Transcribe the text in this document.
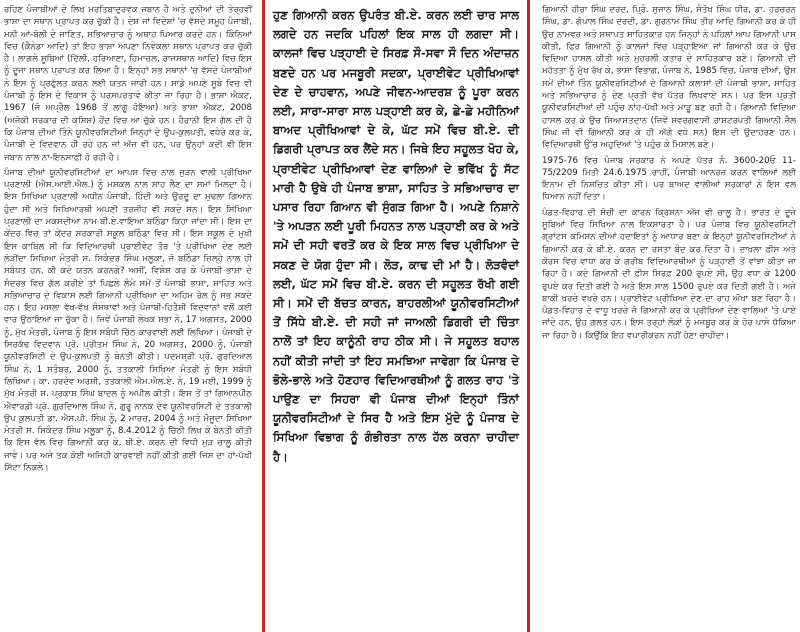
ਰਹਿਣ ਪੰਜਾਬੀਆਂ ਦੇ ਲਿਖ ਮਰਤਿਬਾਦੁਰਵਕ ਜਬਾਨ ਹੈ ਅਤੇ ਦੁਨੀਆਂ ਦੀ ਤੇਰ੍ਹਵੀਂ ਭਾਸ਼ਾ ਦਾ ਸਥਾਨ ਪ੍ਰਾਪਤ ਕਰ ਚੁੱਕੀ ਹੈ। ਦੇਸ਼ ਜਾਂ ਵਿਦੇਸ਼ਾਂ 'ਚ ਵੱਸਦੇ ਸਮੂਹ ਪੰਜਾਬੀ, ਮਨੀ ਆਂ-ਬੋਲੀ ਦੇ ਜਾਣਿਤ, ਸਭਿਆਚਾਰ ਨੂੰ ਅਥਾਹ ਪਿਆਰ ਕਰਦੇ ਹਨ। ਕਿੰਨਿਆਂ ਵਿਚ (ਕੈਨੇਡਾ ਆਦਿ) ਤਾਂ ਇਹ ਭਾਸ਼ਾ ਅਪਣਾ ਨਿਵੇਕਲਾ ਸਥਾਨ ਪ੍ਰਾਪਤ ਕਰ ਚੁੱਕੀ ਹੈ। ਲਾਗਲੇ ਸੂਬਿਆਂ (ਦਿੱਲੀ, ਹਰਿਆਣਾ, ਹਿਮਾਚਲ, ਰਾਜਸਥਾਨ ਆਦਿ) ਵਿਚ ਇਸ ਨੂੰ ਦੂਜਾ ਸਥਾਨ ਪ੍ਰਾਪਤ ਕਰ ਲਿਆ ਹੈ। ਇਨ੍ਹਾਂ ਸਭ ਸਥਾਨਾਂ 'ਚ ਵੱਸਦੇ ਪੰਜਾਬੀਆਂ ਨੇ ਇਸ ਨੂੰ ਪ੍ਰਫੁੱਲਤ ਕਰਨ ਲਈ ਯਤਨ ਜਾਰੀ ਹਨ। ਸਾਡੇ ਅਪਣੇ ਸੂਬੇ ਵਿਚ ਵੀ ਪੰਜਾਬੀ ਨੂੰ ਇਸ ਦੇ ਵਿਕਾਸ ਨੂੰ ਪਰਸਪਰਤਾਵੇ ਕੀਤਾ ਜਾ ਰਿਹਾ ਹੈ। ਭਾਸ਼ਾ ਐਕਟ, 1967 (ਜੋ ਅਪ੍ਰੈਲ 1968 ਤੋਂ ਲਾਗੂ ਹੋਇਆ) ਅਤੇ ਭਾਸ਼ਾ ਐਕਟ, 2008 (ਅਜੋਕੀ ਸਰਕਾਰ ਦੀ ਕਸ਼ਿਸ਼) ਹੋਂਦ ਵਿਚ ਆ ਚੁੱਕੇ ਹਨ। ਹੈਰਾਨੀ ਇਸ ਗੱਲ ਦੀ ਹੈ ਕਿ ਪੰਜਾਬ ਦੀਆਂ ਤਿੰਨੇ ਯੂਨੀਵਰਸਿਟੀਆਂ ਜਿਨ੍ਹਾਂ ਦੇ ਉਪ-ਕੁਲਪਤੀ, ਵਧੇਰੇ ਕਰ ਕੇ, ਪੰਜਾਬੀ ਦੇ ਵਿਦਵਾਨ ਹੀ ਰਹੇ ਹਨ ਜਾਂ ਅੱਜ ਵੀ ਹਨ, ਪਰ ਉਨ੍ਹਾਂ ਕਦੀ ਵੀ ਇਸ ਜਬਾਨ ਨਾਲ ਨਾ-ਇਨਸਾਫ਼ੀ ਹੋ ਰਹੀ ਹੈ।

ਪੰਜਾਬ ਦੀਆਂ ਯੂਨੀਵਰਸਿਟੀਆਂ ਦਾ ਆਪਸ ਵਿਚ ਨਾਲ ਜੁੜਨ ਵਾਲੀ ਪ੍ਰੀਖਿਆ ਪ੍ਰਣਾਲੀ (ਐਸ.ਆਈ.ਐਲ.) ਨੂੰ ਮਸ਼ਕਲ ਨਾਲ ਸਾਹ ਲੈਣ ਦਾ ਸਮਾਂ ਮਿਲਦਾ ਹੈ। ਇਸ ਸਿਖਿਆ ਪ੍ਰਣਾਲੀ ਅਧੀਨ ਪੰਜਾਬੀ, ਹਿੰਦੀ ਅਤੇ ਉਰਦੂ ਦਾ ਮੁਢਲਾ ਗਿਆਨ ਹੁੰਦਾ ਸੀ ਅਤੇ ਸਿਖਿਆਰਥੀ ਅਪਣੀ ਤਰਜੀਹ ਵੀ ਸਕਦੇ ਸਨ। ਇਸ ਸਿਖਿਆ ਪ੍ਰਣਾਲੀ ਦਾ ਮਕਸਦੀਆ ਨਾਮ ਬੀ.ਏ.ਵਾਇਆ ਬਠਿੰਡਾ ਕਿਹਾ ਜਾਂਦਾ ਸੀ। ਇਸ ਦਾ ਕੇਂਦਰ ਵਿਚ ਤਾਂ ਕੇਂਦਰ ਸਰਕਾਰੀ ਸਕੂਲ ਬਠਿੰਡਾ ਵਿਚ ਸੀ। ਇਸ ਸਕੂਲ ਦੇ ਮੁਖੀ ਇਸ ਕਾਬਿਲ ਸੀ ਕਿ ਵਿਦਿਆਰਥੀ ਪ੍ਰਾਈਵੇਟ ਤੌਰ 'ਤੇ ਪ੍ਰੀਖਿਆ ਦੇਣ ਲਈ ਲੋੜੀਂਦਾ ਸਿਖਿਆ ਮੰਤਰੀ ਸ. ਸਿਕੰਦਰ ਸਿੰਘ ਮਲੂਕਾ, ਜੋ ਬਠਿੰਡਾ ਜ਼ਿਲ੍ਹੇ ਨਾਲ ਹੀ ਸਬੰਧਤ ਹਨ, ਕੀ ਕਦੇ ਯਤਨ ਕਰਨਗੇ? ਅਸੀਂ, ਵਿਸ਼ੇਸ਼ ਕਰ ਕੇ ਪੰਜਾਬੀ ਭਾਸ਼ਾ ਦੇ ਸੰਦਰਭ ਵਿਚ ਗੱਲ ਕਰੀਏ ਤਾਂ ਪਿਛਲੇ ਲੰਮੇ ਸਮੇਂ ਤੋਂ ਪੰਜਾਬੀ ਭਾਸ਼ਾ, ਸਾਹਿਤ ਅਤੇ ਸਭਿਆਚਾਰ ਦੇ ਵਿਕਾਸ ਲਈ ਗਿਆਨੀ ਪ੍ਰੀਖਿਆ ਦਾ ਅਹਿਮ ਰੋਲ ਨੂੰ ਸਭ ਸਕਦੇ ਹਨ। ਇਹ ਮਸਲਾ ਵੱਖ-ਵੱਖ ਸੰਸਥਾਵਾਂ ਅਤੇ ਪੰਜਾਬੀ-ਹਿਤੈਸ਼ੀ ਵਿਦਵਾਨਾਂ ਵਲੋਂ ਕਈ ਵਾਰ ਉਠਾਇਆ ਜਾ ਚੁੱਕਾ ਹੈ। ਜਿਵੇਂ ਪੰਜਾਬੀ ਲੇਖਕ ਸਭਾ ਨੇ, 17 ਅਗਸਤ, 2000 ਨੂੰ, ਮੁੱਖ ਮੰਤਰੀ, ਪੰਜਾਬ ਨੂੰ ਇਸ ਸਬੰਧੀ ਚਿੱਠ ਕਾਰਵਾਈ ਲਈ ਲਿਖਿਆ। ਪੰਜਾਬੀ ਦੇ ਸਿਰਕੱਢ ਵਿਦਵਾਨ ਪ੍ਰੋ. ਪ੍ਰੀਤਮ ਸਿੰਘ ਨੇ, 20 ਅਗਸਤ, 2000 ਨੂੰ, ਪੰਜਾਬੀ ਯੂਨੀਵਰਸਿਟੀ ਦੇ ਉਪ-ਕੁਲਪਤੀ ਨੂੰ ਬੇਨਤੀ ਕੀਤੀ। ਪਦਮਸ਼੍ਰੀ ਪ੍ਰੋ. ਗੁਰਦਿਆਲ ਸਿੰਘ ਨੇ, 1 ਸਤੰਬਰ, 2000 ਨੂੰ, ਤਤਕਾਲੀ ਸਿਖਿਆ ਮੰਤਰੀ ਨੂੰ ਇਸ ਸਬੰਧੀ ਲਿਖਿਆ। ਕਾ. ਹਰਦੇਵ ਅਰਸ਼ੀ, ਤਤਕਾਲੀ ਐਮ.ਐਲ.ਏ. ਨੇ, 19 ਮਈ, 1999 ਨੂੰ ਮੁੱਖ ਮੰਤਰੀ ਸ. ਪ੍ਰਕਾਸ਼ ਸਿੰਘ ਬਾਦਲ ਨੂੰ ਅਪੀਲ ਕੀਤੀ। ਇਸ ਤੋਂ ਤਾਂ ਗਿਆਨਪੀਠ ਐਵਾਰਡੀ ਪ੍ਰੋ. ਗੁਰਦਿਆਲ ਸਿੰਘ ਨੇ, ਗੁਰੂ ਨਾਨਕ ਦੇਵ ਯੂਨੀਵਰਸਿਟੀ ਦੇ ਤਤਕਾਲੀ ਉਪ ਕੁਲਪਤੀ ਡਾ. ਐਸ.ਪੀ. ਸਿੰਘ ਨੂੰ, 2 ਮਾਰਚ, 2004 ਨੂੰ ਅਤੇ ਮੌਜੂਦਾ ਸਿਖਿਆ ਮੰਤਰੀ ਸ. ਸਿਕੰਦਰ ਸਿੰਘ ਮਲੂਕਾ ਨੂੰ, 8.4.2012 ਨੂੰ ਚਿੱਠੀ ਲਿਖ ਕੇ ਬੇਨਤੀ ਕੀਤੀ ਕਿ ਇਸ ਵੱਲ ਵਿਚ ਗਿਆਨੀ ਕਰ ਕੇ, ਬੀ.ਏ. ਕਰਨ ਦੀ ਵਿਧੀ ਮੁੜ ਚਾਲੂ ਕੀਤੀ ਜਾਵੇ। ਪਰ ਅਜੇ ਤਕ ਕੋਈ ਅਜਿਹੀ ਕਾਰਵਾਈ ਨਹੀਂ ਕੀਤੀ ਗਈ ਜਿਸ ਦਾ ਹਾਂ-ਪੱਖੀ ਸਿੱਟਾ ਨਿਕਲੇ।

ਹੁਣ ਗਿਆਨੀ ਕਰਨ ਉਪਰੰਤ ਬੀ.ਏ. ਕਰਨ ਲਈ ਚਾਰ ਸਾਲ ਲਗਦੇ ਹਨ ਜਦਕਿ ਪਹਿਲਾਂ ਇਕ ਸਾਲ ਹੀ ਲਗਦਾ ਸੀ। ਕਾਲਜਾਂ ਵਿਚ ਪੜ੍ਹਾਈ ਦੇ ਸਿਰਫ਼ ਸੌ-ਸਵਾ ਸੌ ਦਿਨ ਅੰਦਾਜ਼ਨ ਬਣਦੇ ਹਨ ਪਰ ਮਜਬੂਰੀ ਸਦਕਾ, ਪ੍ਰਾਈਵੇਟ ਪ੍ਰੀਖਿਆਵਾਂ ਦੇਣ ਦੇ ਚਾਹਵਾਨ, ਅਪਣੇ ਜੀਵਨ-ਆਦਰਸ਼ ਨੂੰ ਪੂਰਾ ਕਰਨ ਲਈ, ਸਾਰਾ-ਸਾਰਾ ਸਾਲ ਪੜ੍ਹਾਈ ਕਰ ਕੇ, ਛੇ-ਛੇ ਮਹੀਨਿਆਂ ਬਾਅਦ ਪ੍ਰੀਖਿਆਵਾਂ ਦੇ ਕੇ, ਘੱਟ ਸਮੇਂ ਵਿਚ ਬੀ.ਏ. ਦੀ ਡਿਗਰੀ ਪ੍ਰਾਪਤ ਕਰ ਲੈਂਦੇ ਸਨ। ਜਿਥੇ ਇਹ ਸਹੂਲਤ ਖੋਹ ਕੇ, ਪ੍ਰਾਈਵੇਟ ਪ੍ਰੀਖਿਆਵਾਂ ਦੇਣ ਵਾਲਿਆਂ ਦੇ ਭਵਿੱਖ ਨੂੰ ਸੱਟ ਮਾਰੀ ਹੈ ਉਥੇ ਹੀ ਪੰਜਾਬ ਭਾਸ਼ਾ, ਸਾਹਿਤ ਤੇ ਸਭਿਆਚਾਰ ਦਾ ਪਸਾਰ ਰਿਹਾ ਗਿਆਨ ਵੀ ਸੁੰਗੜ ਗਿਆ ਹੈ। ਅਪਣੇ ਨਿਸ਼ਾਨੇ 'ਤੇ ਅਪੜਨ ਲਈ ਪੂਰੀ ਮਿਹਨਤ ਨਾਲ ਪੜ੍ਹਾਈ ਕਰ ਕੇ ਅਤੇ ਸਮੇਂ ਦੀ ਸਹੀ ਵਰਤੋਂ ਕਰ ਕੇ ਇਕ ਸਾਲ ਵਿਚ ਪ੍ਰੀਖਿਆ ਦੇ ਸਕਣ ਦੇ ਯੋਗ ਹੁੰਦਾ ਸੀ। ਲੋੜ, ਕਾਢ ਦੀ ਮਾਂ ਹੈ। ਲੋੜਵੰਦਾਂ ਲਈ, ਘੱਟ ਸਮੇਂ ਵਿਚ ਬੀ.ਏ. ਕਰਨ ਦੀ ਸਹੂਲਤ ਰੱਖੀ ਗਈ ਸੀ। ਸਮੇਂ ਦੀ ਬੱਚਤ ਕਾਰਨ, ਬਾਹਰਲੀਆਂ ਯੂਨੀਵਰਸਿਟੀਆਂ ਤੋਂ ਸਿੱਧੇ ਬੀ.ਏ. ਦੀ ਸਹੀ ਜਾਂ ਜਾਅਲੀ ਡਿਗਰੀ ਦੀ ਚਿੰਤਾ ਨਾਲੋਂ ਤਾਂ ਇਹ ਕਾਨੂੰਨੀ ਰਾਹ ਠੀਕ ਸੀ। ਜੇ ਸਹੂਲਤ ਬਹਾਲ ਨਹੀਂ ਕੀਤੀ ਜਾਂਦੀ ਤਾਂ ਇਹ ਸਮਝਿਆ ਜਾਵੇਗਾ ਕਿ ਪੰਜਾਬ ਦੇ ਭੋਲੇ-ਭਾਲੇ ਅਤੇ ਹੋਣਹਾਰ ਵਿਦਿਆਰਥੀਆਂ ਨੂੰ ਗਲਤ ਰਾਹ 'ਤੇ ਪਾਉਣ ਦਾ ਸਿਹਰਾ ਵੀ ਪੰਜਾਬ ਦੀਆਂ ਇਨ੍ਹਾਂ ਤਿੰਨਾਂ ਯੂਨੀਵਰਸਿਟੀਆਂ ਦੇ ਸਿਰ ਹੈ ਅਤੇ ਇਸ ਮੁੱਦੇ ਨੂੰ ਪੰਜਾਬ ਦੇ ਸਿਖਿਆ ਵਿਭਾਗ ਨੂੰ ਗੰਭੀਰਤਾ ਨਾਲ ਹੱਲ ਕਰਨਾ ਚਾਹੀਦਾ ਹੈ।

ਗਿਆਨੀ ਹੀਰਾ ਸਿੰਘ ਦਰਦ, ਪ੍ਰਿੰ. ਸੁਜਾਨ ਸਿੰਘ, ਸੰਤੋਖ ਸਿੰਘ ਧੀਰ, ਡਾ. ਹਰਚਰਨ ਸਿੰਘ, ਡਾ. ਗੋਪਾਲ ਸਿੰਘ ਦਰਦੀ, ਡਾ. ਗੁਰਨਾਮ ਸਿੰਘ ਤੀਰ ਆਦਿ ਗਿਆਨੀ ਕਰ ਕੇ ਹੀ ਉਚ ਨਾਮਵਰ ਅਤੇ ਸਥਾਪਤ ਸਾਹਿਤਕਾਰ ਹਨ ਜਿਨ੍ਹਾਂ ਨੇ ਪਹਿਲਾਂ ਆਪ ਗਿਆਨੀ ਪਾਸ ਕੀਤੀ, ਫਿਰ ਗਿਆਨੀ ਨੂੰ ਕਾਲਜਾਂ ਵਿਚ ਪੜ੍ਹਾਇਆ ਜਾਂ ਗਿਆਨੀ ਕਰ ਕੇ ਉਚ ਵਿਦਿਆ ਹਾਸਲ ਕੀਤੀ ਅਤੇ ਮੁਹਰਲੀ ਕਤਾਰ ਦੇ ਸਾਹਿਤਕਾਰ ਬਣੇ। ਗਿਆਨੀ ਦੀ ਮਹੱਤਤਾ ਨੂੰ ਮੁੱਖ ਰੱਖ ਕੇ, ਭਾਸ਼ਾ ਵਿਭਾਗ, ਪੰਜਾਬ ਨੇ, 1985 ਵਿਚ, ਪੰਜਾਬ ਦੀਆਂ, ਉਸ ਸਮੇਂ ਦੀਆਂ ਤਿੰਨ ਯੂਨੀਵਰਸਿਟੀਆਂ ਦੇ ਗਿਆਨੀ ਕਲਾਸਾਂ ਦੀ ਪੰਜਾਬੀ ਭਾਸ਼ਾ, ਸਾਹਿਤ ਅਤੇ ਸਭਿਆਚਾਰ ਨੂੰ ਦੇਣ ਪ੍ਰਤੀ ਵੱਖ ਪੱਤਰ ਲਿਖਵਾਏ ਸਨ। ਪਰ ਇਸ ਪ੍ਰਤੀ ਯੂਨੀਵਰਸਿਟੀਆਂ ਦੀ ਪਹੁੰਚ ਨਾਂਹ-ਪੱਖੀ ਅਤੇ ਮਾੜੂ ਬਣ ਰਹੀ ਹੈ। ਗਿਆਨੀ ਵਿਦਿਆ ਹਾਸਲ ਕਰ ਕੇ ਉਚ ਸਿਆਸਤਦਾਨ (ਜਿਵੇਂ ਸਵਰਗਵਾਸੀ ਰਾਸ਼ਟਰਪਤੀ ਗਿਆਨੀ ਜ਼ੈਲ ਸਿੰਘ ਜੀ ਵੀ ਗਿਆਨੀ ਕਰ ਕੇ ਹੀ ਅੱਗੇ ਵਧੇ ਸਨ) ਇਸ ਦੀ ਉਦਾਹਰਣ ਹਨ। ਵਿਦਿਆਰਥੀ ਉੱਚ ਅਹੁਦਿਆਂ 'ਤੇ ਪਹੁੰਚ ਕੇ ਮਿਸਾਲ ਬਣੇ।

1975-76 ਵਿਚ ਪੰਜਾਬ ਸਰਕਾਰ ਨੇ ਅਪਣੇ ਪੱਤਰ ਨੰ. 3600-20ਓ 11-75/2209 ਮਿਤੀ 24.6.1975 ਰਾਹੀਂ, ਪੰਜਾਬੀ ਆਨਰਜ਼ ਕਰਨ ਵਾਲਿਆਂ ਲਈ ਇਨਾਮ ਦੀ ਨਿਸ਼ਚਿਤ ਕੀਤਾ ਸੀ। ਪਰ ਬਾਅਦ ਵਾਲੀਆਂ ਸਰਕਾਰਾਂ ਨੇ ਇਸ ਵਲ ਧਿਆਨ ਨਹੀਂ ਦਿਤਾ।

ਪੰਡਤ-ਵਿਹਾਰ ਦੀ ਸੋਚੀ ਦਾ ਕਾਰਨ ਕ੍ਰਿਸ਼ਨਾ ਅੱਜ ਵੀ ਚਾਲੂ ਹੈ। ਭਾਰਤ ਦੇ ਦੂਜੇ ਸੂਬਿਆਂ ਵਿਚ ਸਿਖਿਆ ਨਾਲ ਇਕਸਾਰਤਾ ਹੈ। ਪਰ ਪੰਜਾਬ ਵਿਚ ਯੂਨੀਵਰਸਿਟੀ ਗ੍ਰਾਂਟਸ ਕਮਿਸ਼ਨ ਦੀਆਂ ਹਦਾਇਤਾਂ ਨੂੰ ਆਧਾਰ ਬਣਾ ਕੇ ਇਨ੍ਹਾਂ ਯੂਨੀਵਰਸਿਟੀਆਂ ਨੇ ਗਿਆਨੀ ਕਰ ਕੇ ਬੀ.ਏ. ਕਰਨ ਦਾ ਰਸਤਾ ਬੰਦ ਕਰ ਦਿਤਾ ਹੈ। ਦਾਖ਼ਲਾ ਫ਼ੀਸ ਅਤੇ ਕੋਰਸ ਵਿਚ ਵਾਧਾ ਕਰ ਕੇ ਗਰੀਬ ਵਿਦਿਆਰਥੀਆਂ ਨੂੰ ਪੜ੍ਹਾਈ ਤੋਂ ਵਾਂਝਾ ਕੀਤਾ ਜਾ ਰਿਹਾ ਹੈ। ਕਦੇ ਗਿਆਨੀ ਦੀ ਫ਼ੀਸ ਸਿਰਫ਼ 200 ਰੁਪਏ ਸੀ, ਉਹ ਵਧਾ ਕੇ 1200 ਰੁਪਏ ਕਰ ਦਿਤੀ ਗਈ ਹੈ ਅਤੇ ਇਸ ਸਾਲ 1500 ਰੁਪਏ ਕਰ ਦਿਤੀ ਗਈ ਹੈ। ਅਜੇ ਬਾਕੀ ਖ਼ਰਚੇ ਵਖਰੇ ਹਨ। ਪ੍ਰਾਈਵੇਟ ਪ੍ਰੀਖਿਆ ਦੇਣ ਦਾ ਰਾਹ ਔਖਾ ਬਣ ਰਿਹਾ ਹੈ। ਪੰਡਤ-ਵਿਹਾਰ ਦੇ ਵਾਧੂ ਖ਼ਰਚੇ ਜੋ ਗਿਆਨੀ ਕਰ ਕੇ ਪ੍ਰੀਖਿਆ ਦੇਣ ਵਾਲਿਆਂ 'ਤੇ ਪਾਏ ਜਾਂਦੇ ਹਨ, ਉਹ ਗ਼ਲਤ ਹਨ। ਇਸ ਤਰ੍ਹਾਂ ਲੋਕਾਂ ਨੂੰ ਮਜਬੂਰ ਕਰ ਕੇ ਹੋਰ ਪਾਸੇ ਧੱਕਿਆ ਜਾ ਰਿਹਾ ਹੈ। ਕਿਉਂਕਿ ਇਹ ਵਪਾਰੀਕਰਨ ਨਹੀਂ ਹੋਣਾ ਚਾਹੀਦਾ।
